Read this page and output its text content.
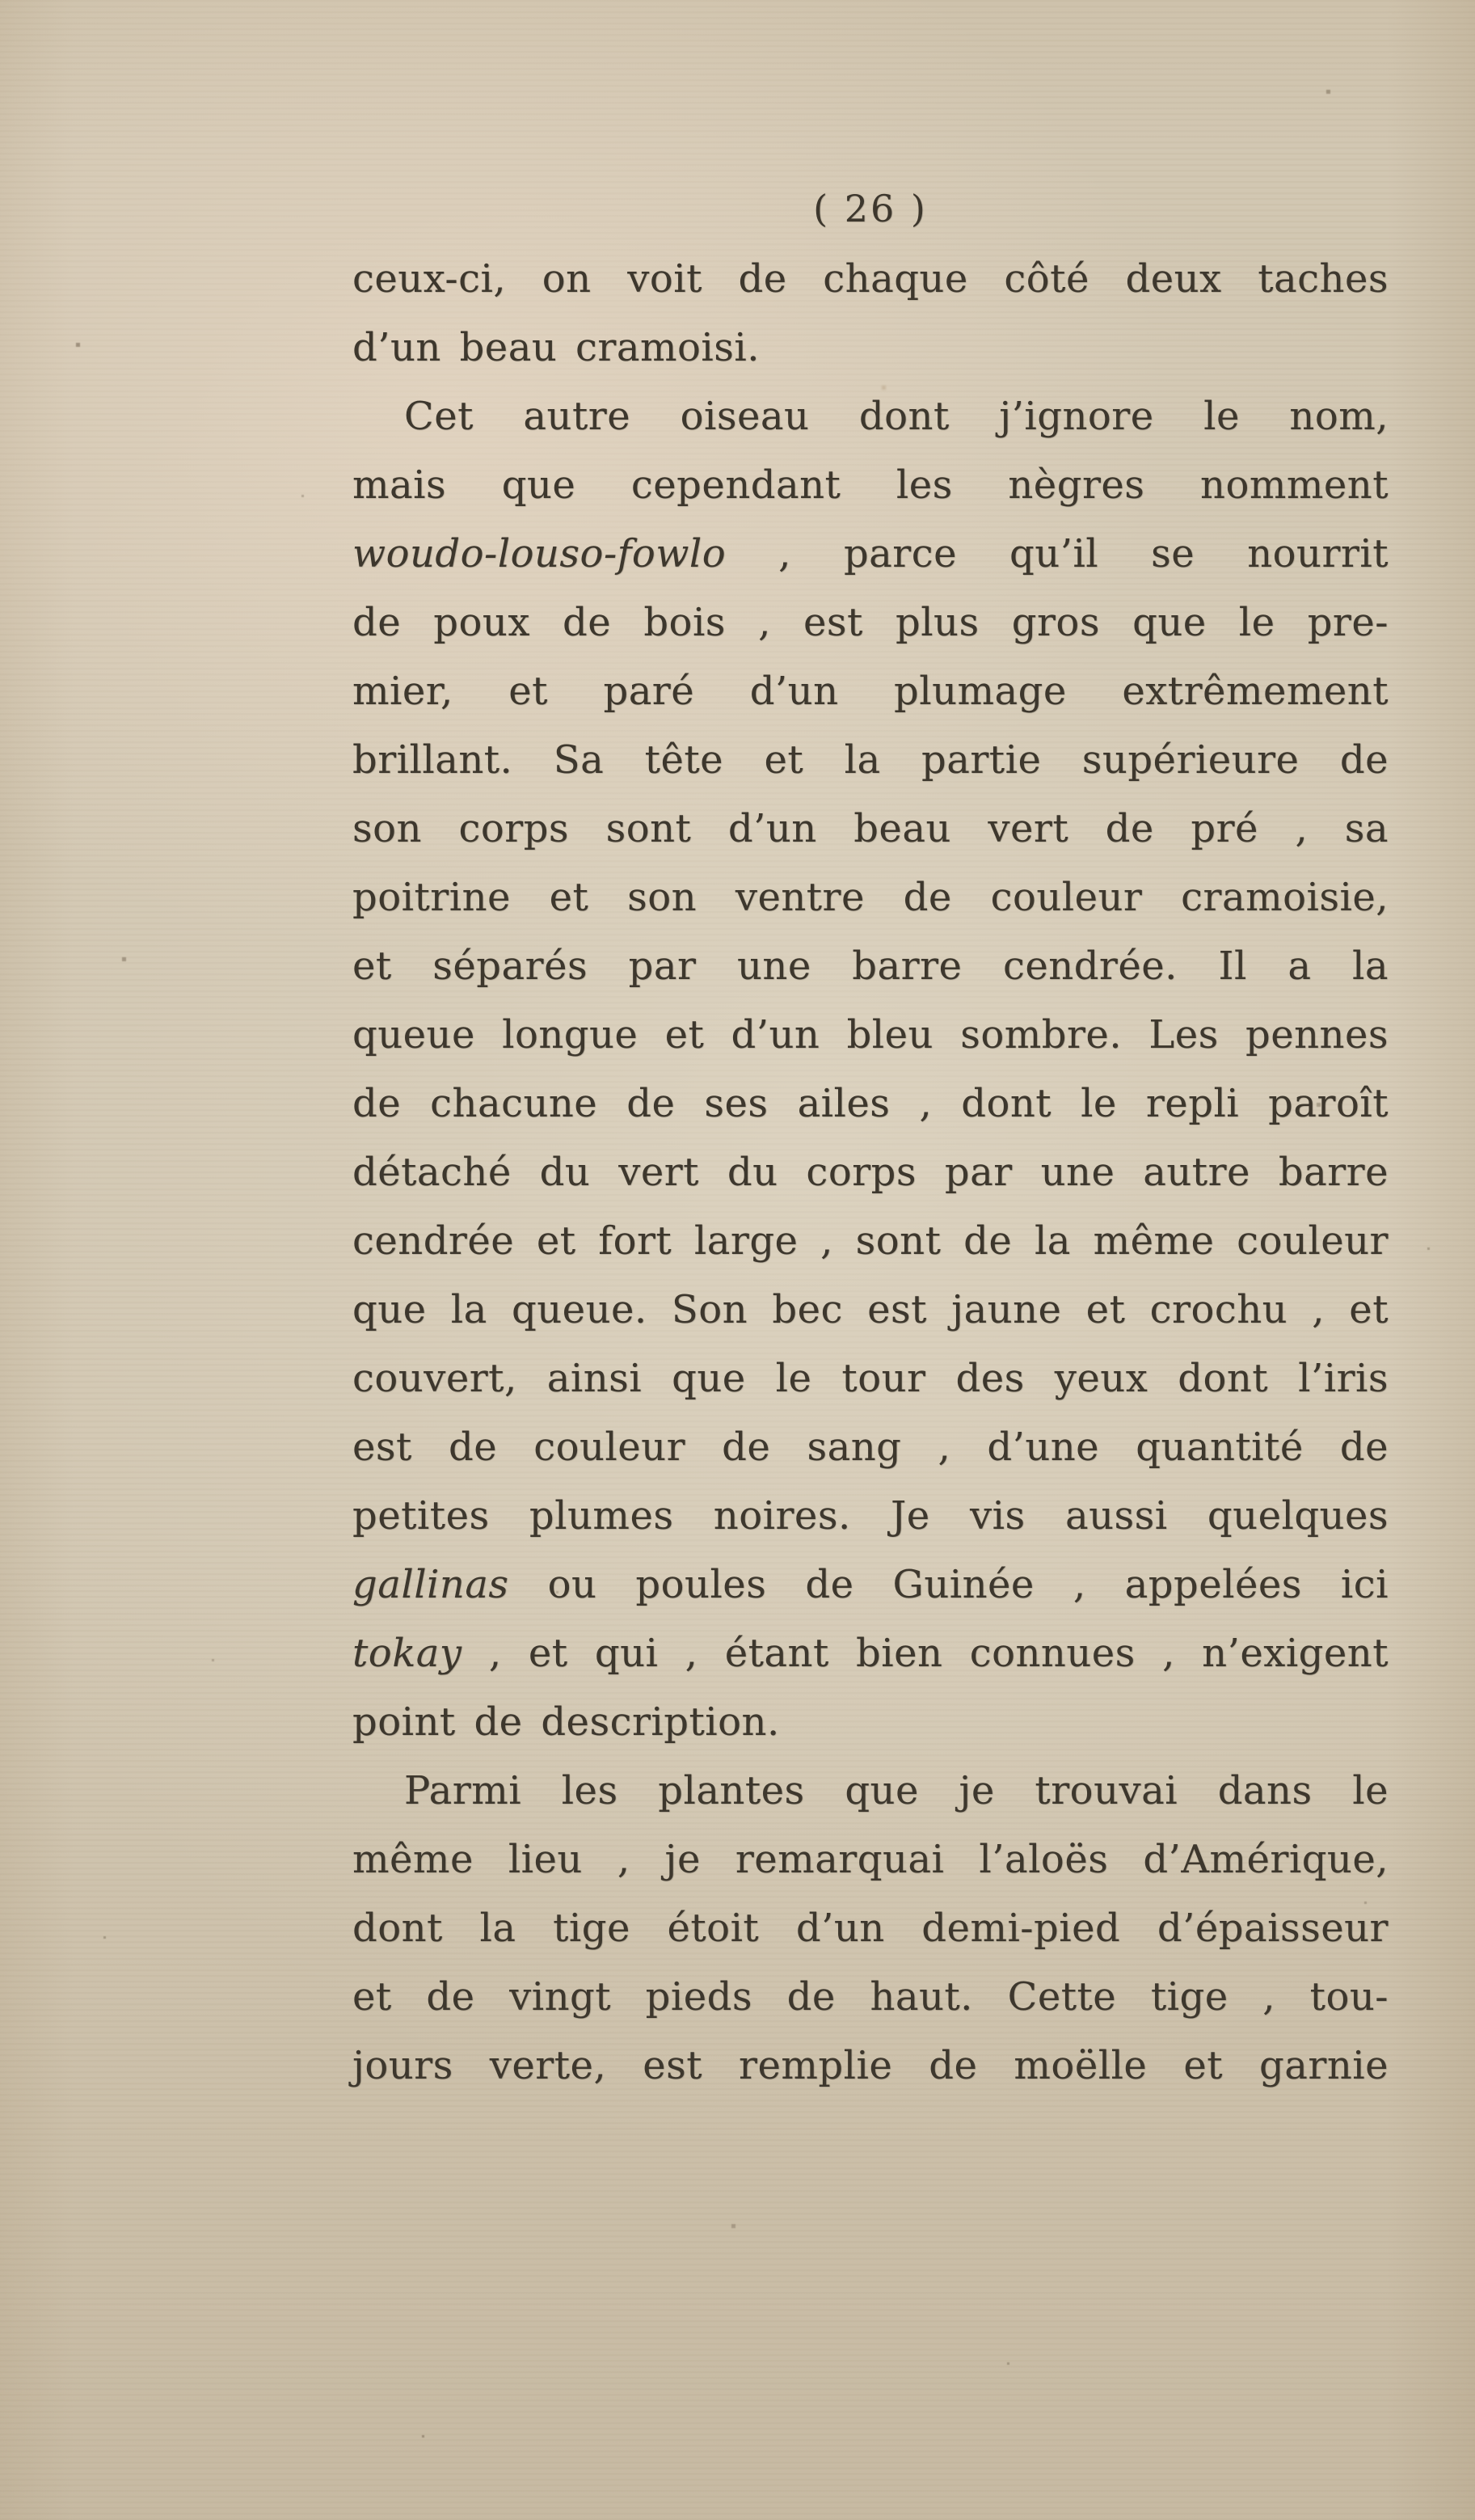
( 26 )
ceux-ci, on voit de chaque côté deux taches
d’un beau cramoisi.
Cet autre oiseau dont j’ignore le nom,
mais que cependant les nègres nomment
woudo-louso-fowlo , parce qu’il se nourrit
de poux de bois , est plus gros que le pre-
mier, et paré d’un plumage extrêmement
brillant. Sa tête et la partie supérieure de
son corps sont d’un beau vert de pré , sa
poitrine et son ventre de couleur cramoisie,
et séparés par une barre cendrée. Il a la
queue longue et d’un bleu sombre. Les pennes
de chacune de ses ailes , dont le repli paroît
détaché du vert du corps par une autre barre
cendrée et fort large , sont de la même couleur
que la queue. Son bec est jaune et crochu , et
couvert, ainsi que le tour des yeux dont l’iris
est de couleur de sang , d’une quantité de
petites plumes noires. Je vis aussi quelques
gallinas ou poules de Guinée , appelées ici
tokay , et qui , étant bien connues , n’exigent
point de description.
Parmi les plantes que je trouvai dans le
même lieu , je remarquai l’aloës d’Amérique,
dont la tige étoit d’un demi-pied d’épaisseur
et de vingt pieds de haut. Cette tige , tou-
jours verte, est remplie de moëlle et garnie
